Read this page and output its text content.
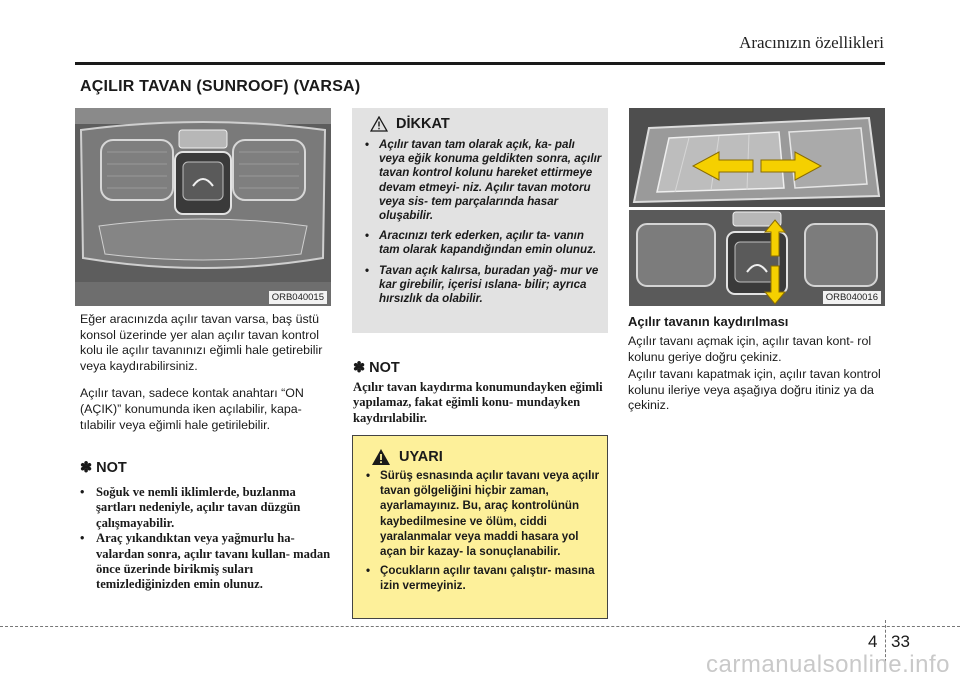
Aracınızın özellikleri
AÇILIR TAVAN (SUNROOF) (VARSA)
ORB040015

Eğer aracınızda açılır tavan varsa, baş üstü konsol üzerinde yer alan açılır tavan kontrol kolu ile açılır tavanınızı eğimli hale getirebilir veya kaydırabilirsiniz.

Açılır tavan, sadece kontak anahtarı “ON (AÇIK)” konumunda iken açılabilir, kapa- tılabilir veya eğimli hale getirilebilir.

✽ NOT
• Soğuk ve nemli iklimlerde, buzlanma şartları nedeniyle, açılır tavan düzgün çalışmayabilir.
• Araç yıkandıktan veya yağmurlu ha- valardan sonra, açılır tavanı kullan- madan önce üzerinde birikmiş suları temizlediğinizden emin olunuz.
DİKKAT
• Açılır tavan tam olarak açık, ka- palı veya eğik konuma geldikten sonra, açılır tavan kontrol kolunu hareket ettirmeye devam etmeyi- niz. Açılır tavan motoru veya sis- tem parçalarında hasar oluşabilir.
• Aracınızı terk ederken, açılır ta- vanın tam olarak kapandığından emin olunuz.
• Tavan açık kalırsa, buradan yağ- mur ve kar girebilir, içerisi ıslana- bilir; ayrıca hırsızlık da olabilir.
✽ NOT
Açılır tavan kaydırma konumundayken eğimli yapılamaz, fakat eğimli konu- mundayken kaydırılabilir.
UYARI
• Sürüş esnasında açılır tavanı veya açılır tavan gölgeliğini hiçbir zaman, ayarlamayınız. Bu, araç kontrolünün kaybedilmesine ve ölüm, ciddi yaralanmalar veya maddi hasara yol açan bir kazay- la sonuçlanabilir.
• Çocukların açılır tavanı çalıştır- masına izin vermeyiniz.
ORB040016
Açılır tavanın kaydırılması

Açılır tavanı açmak için, açılır tavan kont- rol kolunu geriye doğru çekiniz.

Açılır tavanı kapatmak için, açılır tavan kontrol kolunu ileriye veya aşağıya doğru itiniz ya da çekiniz.

4 33
carmanualsonline.info
